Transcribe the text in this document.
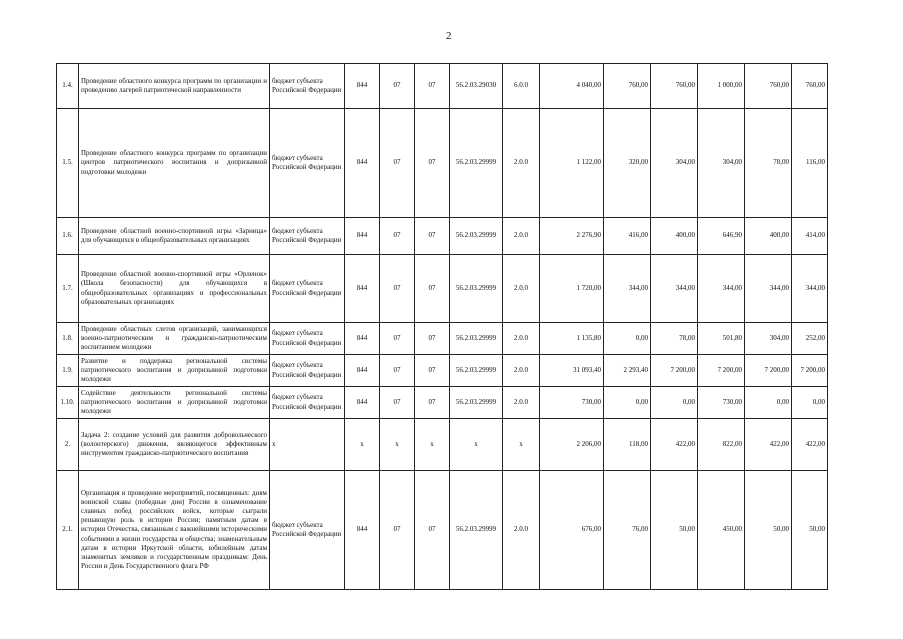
2
1.4.	Проведение областного конкурса программ по организации и проведению лагерей патриотической направленности	бюджет субъекта Российской Федерации	844	07	07	56.2.03.29030	6.0.0	4 040,00	760,00	760,00	1 000,00	760,00	760,00
1.5.	Проведение областного конкурса программ по организации центров патриотического воспитания и допризывной подготовки молодежи	бюджет субъекта Российской Федерации	844	07	07	56.2.03.29999	2.0.0	1 122,00	320,00	304,00	304,00	78,00	116,00
1.6.	Проведение областной военно-спортивной игры «Зарница» для обучающихся в общеобразовательных организациях	бюджет субъекта Российской Федерации	844	07	07	56.2.03.29999	2.0.0	2 276,90	416,00	400,00	646,90	400,00	414,00
1.7.	Проведение областной военно-спортивной игры «Орленок» (Школа безопасности) для обучающихся в общеобразовательных организациях и профессиональных образовательных организациях	бюджет субъекта Российской Федерации	844	07	07	56.2.03.29999	2.0.0	1 720,00	344,00	344,00	344,00	344,00	344,00
1.8.	Проведение областных слетов организаций, занимающихся военно-патриотическим и гражданско-патриотическим воспитанием молодежи	бюджет субъекта Российской Федерации	844	07	07	56.2.03.29999	2.0.0	1 135,80	0,00	78,00	501,80	304,00	252,00
1.9.	Развитие и поддержка региональной системы патриотического воспитания и допризывной подготовки молодежи	бюджет субъекта Российской Федерации	844	07	07	56.2.03.29999	2.0.0	31 093,40	2 293,40	7 200,00	7 200,00	7 200,00	7 200,00
1.10.	Содействие деятельности региональной системы патриотического воспитания и допризывной подготовки молодежи	бюджет субъекта Российской Федерации	844	07	07	56.2.03.29999	2.0.0	730,00	0,00	0,00	730,00	0,00	0,00
2.	Задача 2: создание условий для развития добровольческого (волонтерского) движения, являющегося эффективным инструментом гражданско-патриотического воспитания	x	x	x	x	x	x	2 206,00	118,00	422,00	822,00	422,00	422,00
2.1.	Организация и проведение мероприятий, посвященных: дням воинской славы (победные дни) России в ознаменование славных побед российских войск, которые сыграли решающую роль в истории России; памятным датам в истории Отечества, связанным с важнейшими историческими событиями в жизни государства и общества; знаменательным датам в истории Иркутской области, юбилейным датам знаменитых земляков и государственным праздникам: День России и День Государственного флага РФ	бюджет субъекта Российской Федерации	844	07	07	56.2.03.29999	2.0.0	676,00	76,00	50,00	450,00	50,00	50,00
